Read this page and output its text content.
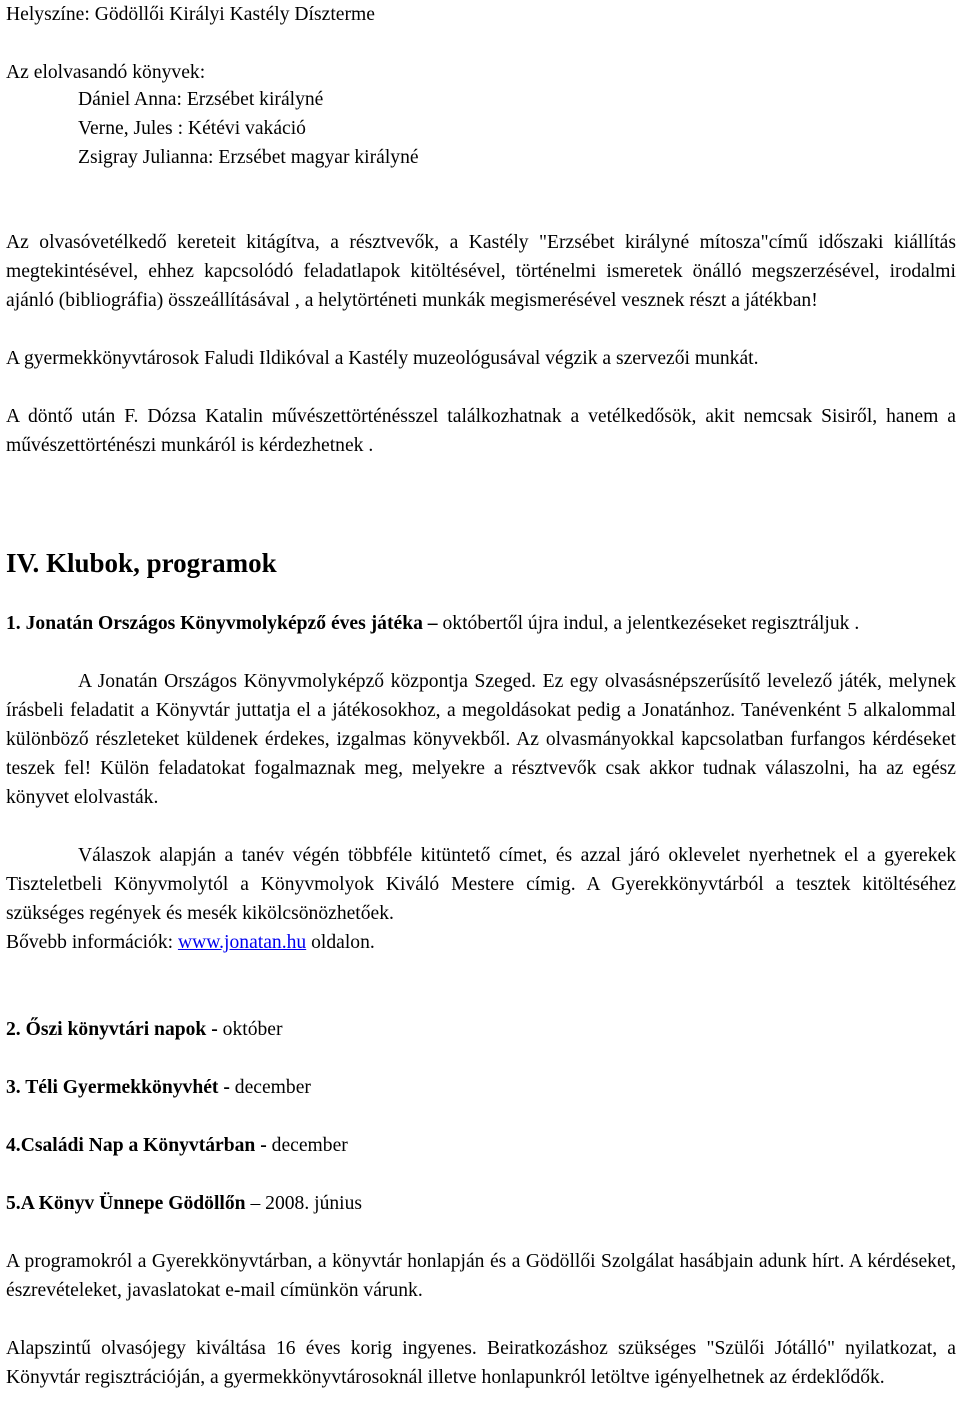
Helyszíne: Gödöllői Királyi Kastély Díszterme

Az elolvasandó könyvek:

Dániel Anna: Erzsébet királyné

Verne, Jules : Kétévi vakáció

Zsigray Julianna: Erzsébet magyar királyné

Az olvasóvetélkedő kereteit kitágítva, a résztvevők, a Kastély "Erzsébet királyné mítosza"című időszaki kiállítás megtekintésével, ehhez kapcsolódó feladatlapok kitöltésével, történelmi ismeretek önálló megszerzésével, irodalmi ajánló (bibliográfia) összeállításával , a helytörténeti munkák megismerésével vesznek részt a játékban!

A gyermekkönyvtárosok Faludi Ildikóval a Kastély muzeológusával végzik a szervezői munkát.

A döntő után F. Dózsa Katalin művészettörténésszel találkozhatnak a vetélkedősök, akit nemcsak Sisiről, hanem a művészettörténészi munkáról is kérdezhetnek .

IV. Klubok, programok

1. Jonatán Országos Könyvmolyképző éves játéka – októbertől újra indul, a jelentkezéseket regisztráljuk .

A Jonatán Országos Könyvmolyképző központja Szeged. Ez egy olvasásnépszerűsítő levelező játék, melynek írásbeli feladatit a Könyvtár juttatja el a játékosokhoz, a megoldásokat pedig a Jonatánhoz. Tanévenként 5 alkalommal különböző részleteket küldenek érdekes, izgalmas könyvekből. Az olvasmányokkal kapcsolatban furfangos kérdéseket teszek fel! Külön feladatokat fogalmaznak meg, melyekre a résztvevők csak akkor tudnak válaszolni, ha az egész könyvet elolvasták.

Válaszok alapján a tanév végén többféle kitüntető címet, és azzal járó oklevelet nyerhetnek el a gyerekek Tiszteletbeli Könyvmolytól a Könyvmolyok Kiváló Mestere címig. A Gyerekkönyvtárból a tesztek kitöltéséhez szükséges regények és mesék kikölcsönözhetőek.

Bővebb információk: www.jonatan.hu oldalon.

2. Őszi könyvtári napok - október

3. Téli Gyermekkönyvhét - december

4.Családi Nap a Könyvtárban - december

5.A Könyv Ünnepe Gödöllőn – 2008. június

A programokról a Gyerekkönyvtárban, a könyvtár honlapján és a Gödöllői Szolgálat hasábjain adunk hírt. A kérdéseket, észrevételeket, javaslatokat e-mail címünkön várunk.

Alapszintű olvasójegy kiváltása 16 éves korig ingyenes. Beiratkozáshoz szükséges "Szülői Jótálló" nyilatkozat, a Könyvtár regisztrációján, a gyermekkönyvtárosoknál illetve honlapunkról letöltve igényelhetnek az érdeklődők.
